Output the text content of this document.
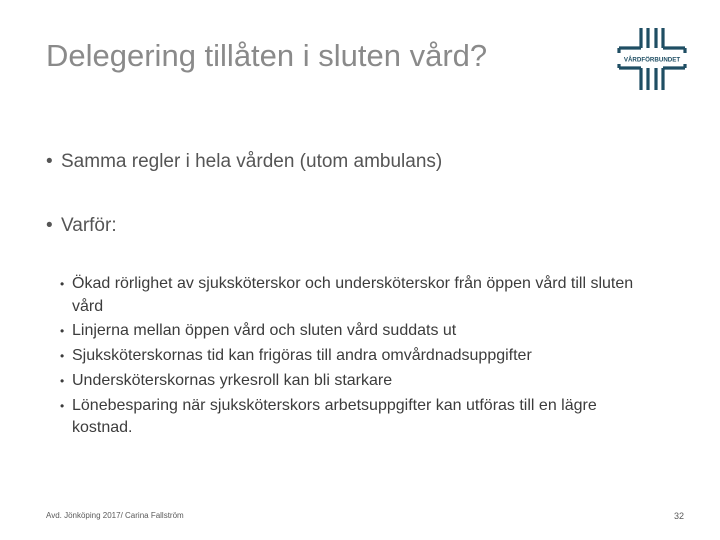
Delegering tillåten i sluten vård?	VÅRDFÖRBUNDET
• Samma regler i hela vården (utom ambulans)
• Varför:
• Ökad rörlighet av sjuksköterskor och undersköterskor från öppen vård till sluten vård
• Linjerna mellan öppen vård och sluten vård suddats ut
• Sjuksköterskornas tid kan frigöras till andra omvårdnadsuppgifter
• Undersköterskornas yrkesroll kan bli starkare
• Lönebesparing när sjuksköterskors arbetsuppgifter kan utföras till en lägre kostnad.
Avd. Jönköping 2017/ Carina Fallström	32
